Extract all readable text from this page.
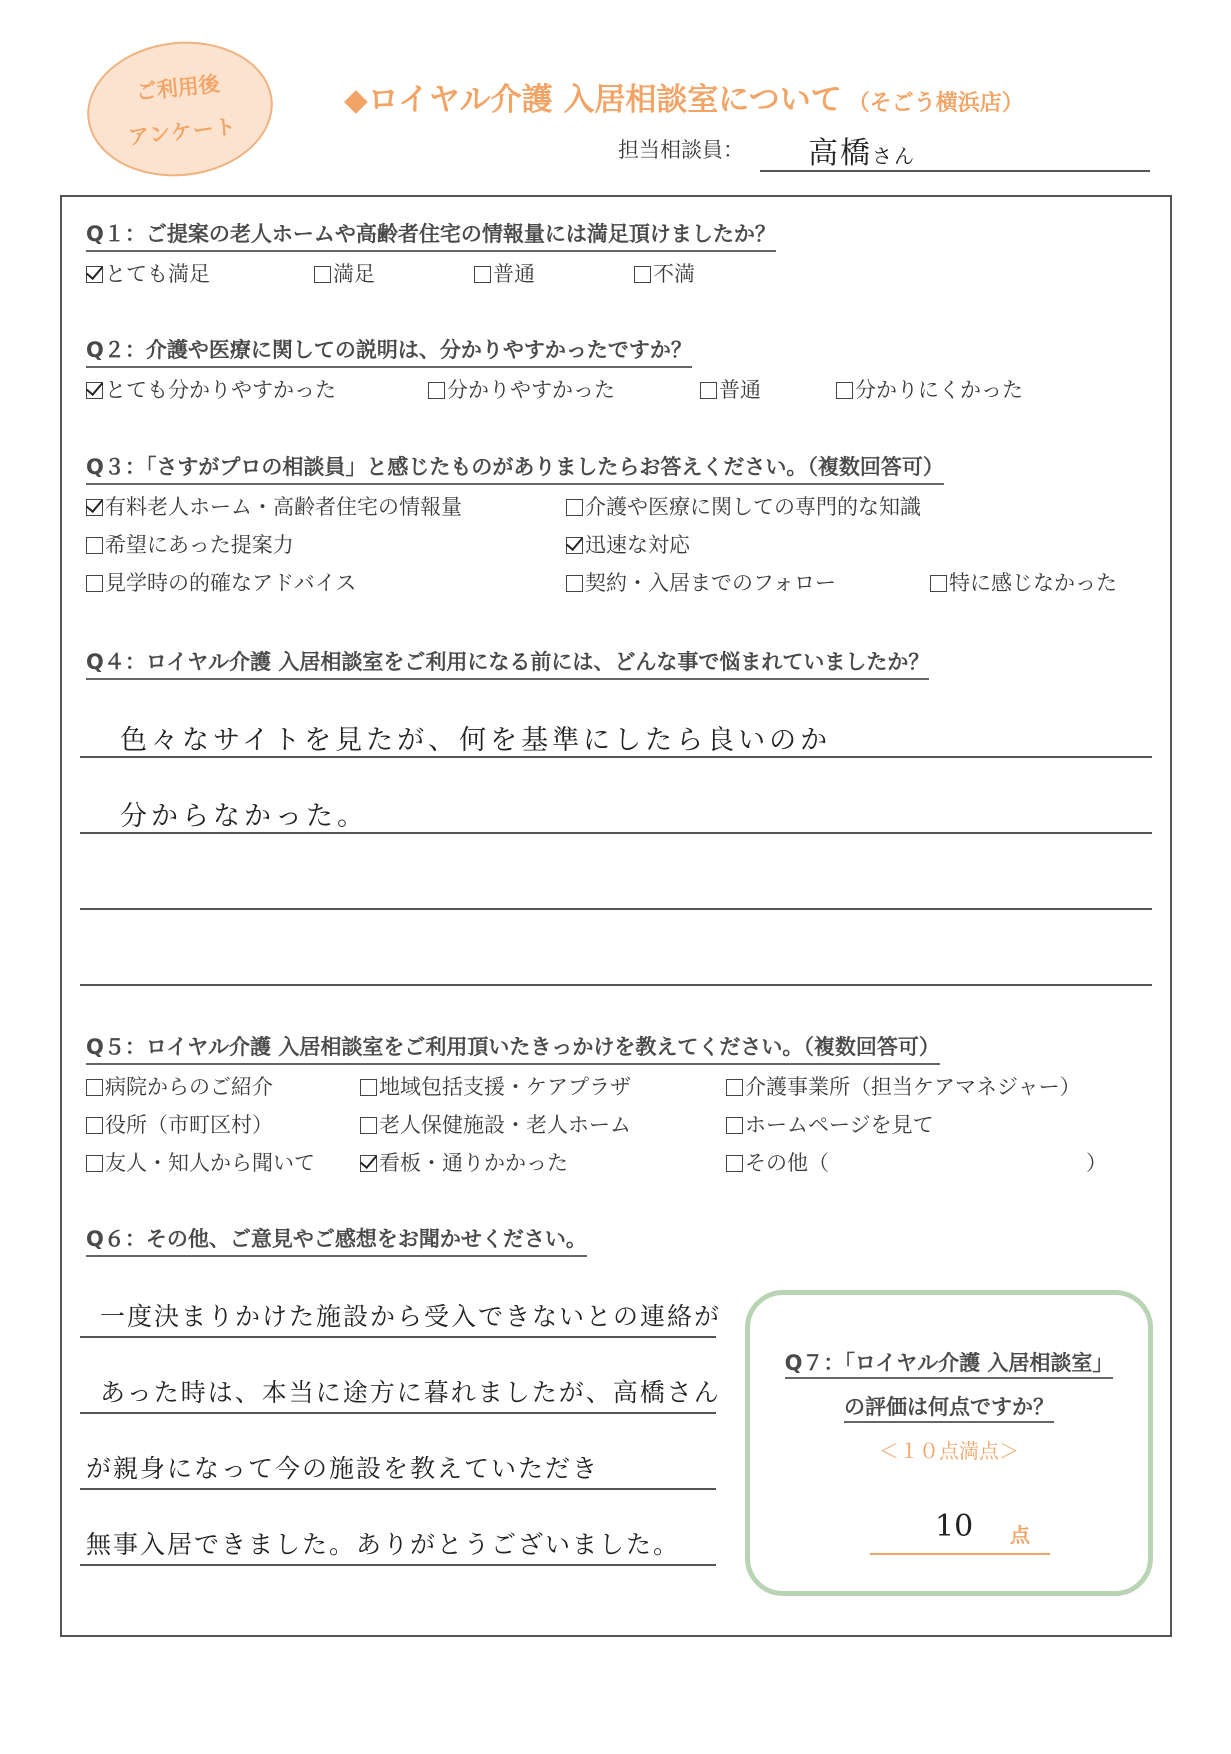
ご利用後
アンケート
◆ロイヤル介護 入居相談室について （そごう横浜店）
担当相談員： 高橋さん
Q１：ご提案の老人ホームや高齢者住宅の情報量には満足頂けましたか？
とても満足	満足	普通	不満
Q２：介護や医療に関しての説明は、分かりやすかったですか？
とても分かりやすかった	分かりやすかった	普通	分かりにくかった
Q３：「さすがプロの相談員」と感じたものがありましたらお答えください。（複数回答可）
有料老人ホーム・高齢者住宅の情報量	介護や医療に関しての専門的な知識
希望にあった提案力	迅速な対応
見学時の的確なアドバイス	契約・入居までのフォロー	特に感じなかった
Q４：ロイヤル介護 入居相談室をご利用になる前には、どんな事で悩まれていましたか？
色々なサイトを見たが、何を基準にしたら良いのか
分からなかった。
Q５：ロイヤル介護 入居相談室をご利用頂いたきっかけを教えてください。（複数回答可）
病院からのご紹介	地域包括支援・ケアプラザ	介護事業所（担当ケアマネジャー）
役所（市町区村）	老人保健施設・老人ホーム	ホームページを見て
友人・知人から聞いて	看板・通りかかった	その他（	）
Q６：その他、ご意見やご感想をお聞かせください。
一度決まりかけた施設から受入できないとの連絡が
あった時は、本当に途方に暮れましたが、高橋さん
が親身になって今の施設を教えていただき
無事入居できました。ありがとうございました。
Q７：「ロイヤル介護 入居相談室」
の評価は何点ですか？
＜１０点満点＞
10 点
